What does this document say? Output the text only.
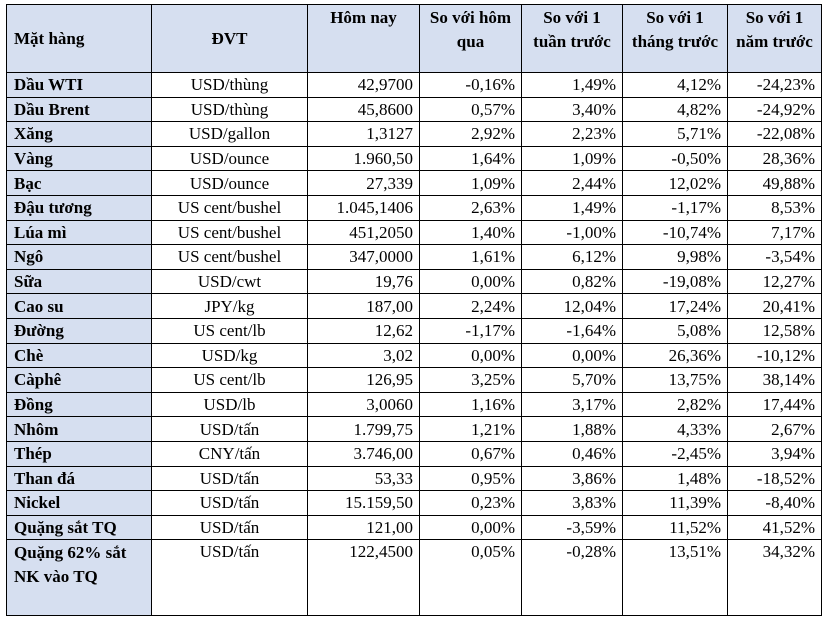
Mặt hàng	ĐVT	Hôm nay	So với hôm qua	So với 1 tuần trước	So với 1 tháng trước	So với 1 năm trước
Dầu WTI	USD/thùng	42,9700	-0,16%	1,49%	4,12%	-24,23%
Dầu Brent	USD/thùng	45,8600	0,57%	3,40%	4,82%	-24,92%
Xăng	USD/gallon	1,3127	2,92%	2,23%	5,71%	-22,08%
Vàng	USD/ounce	1.960,50	1,64%	1,09%	-0,50%	28,36%
Bạc	USD/ounce	27,339	1,09%	2,44%	12,02%	49,88%
Đậu tương	US cent/bushel	1.045,1406	2,63%	1,49%	-1,17%	8,53%
Lúa mì	US cent/bushel	451,2050	1,40%	-1,00%	-10,74%	7,17%
Ngô	US cent/bushel	347,0000	1,61%	6,12%	9,98%	-3,54%
Sữa	USD/cwt	19,76	0,00%	0,82%	-19,08%	12,27%
Cao su	JPY/kg	187,00	2,24%	12,04%	17,24%	20,41%
Đường	US cent/lb	12,62	-1,17%	-1,64%	5,08%	12,58%
Chè	USD/kg	3,02	0,00%	0,00%	26,36%	-10,12%
Càphê	US cent/lb	126,95	3,25%	5,70%	13,75%	38,14%
Đồng	USD/lb	3,0060	1,16%	3,17%	2,82%	17,44%
Nhôm	USD/tấn	1.799,75	1,21%	1,88%	4,33%	2,67%
Thép	CNY/tấn	3.746,00	0,67%	0,46%	-2,45%	3,94%
Than đá	USD/tấn	53,33	0,95%	3,86%	1,48%	-18,52%
Nickel	USD/tấn	15.159,50	0,23%	3,83%	11,39%	-8,40%
Quặng sắt TQ	USD/tấn	121,00	0,00%	-3,59%	11,52%	41,52%
Quặng 62% sắt NK vào TQ	USD/tấn	122,4500	0,05%	-0,28%	13,51%	34,32%
